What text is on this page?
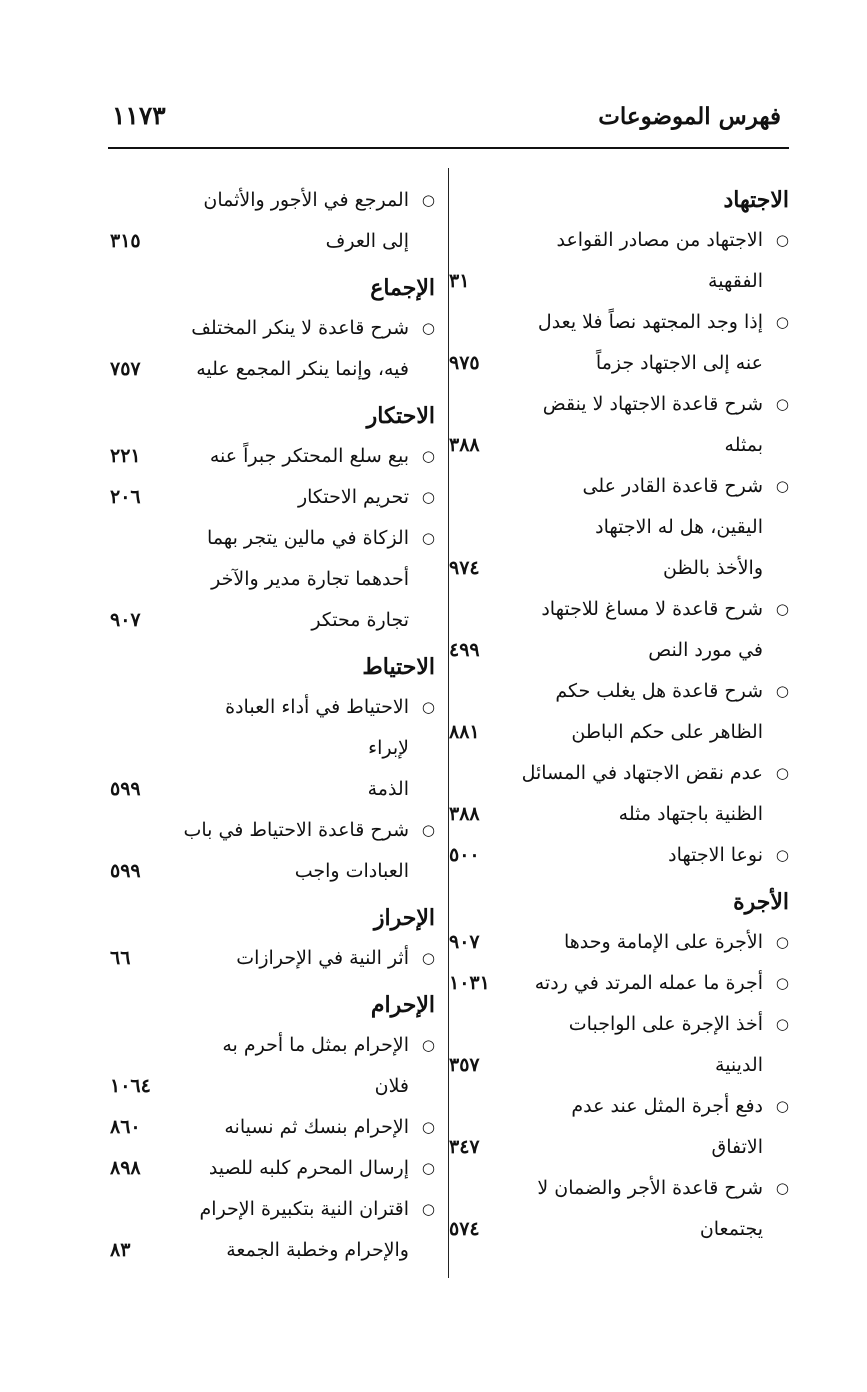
فهرس الموضوعات
١١٧٣
الاجتهاد
○
الاجتهاد من مصادر القواعد
الفقهية
٣١
○
إذا وجد المجتهد نصاً فلا يعدل
عنه إلى الاجتهاد جزماً
٩٧٥
○
شرح قاعدة الاجتهاد لا ينقض
بمثله
٣٨٨
○
شرح قاعدة القادر على
اليقين، هل له الاجتهاد
والأخذ بالظن
٩٧٤
○
شرح قاعدة لا مساغ للاجتهاد
في مورد النص
٤٩٩
○
شرح قاعدة هل يغلب حكم
الظاهر على حكم الباطن
٨٨١
○
عدم نقض الاجتهاد في المسائل
الظنية باجتهاد مثله
٣٨٨
○
نوعا الاجتهاد
٥٠٠
الأجرة
○
الأجرة على الإمامة وحدها
٩٠٧
○
أجرة ما عمله المرتد في ردته
١٠٣١
○
أخذ الإجرة على الواجبات
الدينية
٣٥٧
○
دفع أجرة المثل عند عدم
الاتفاق
٣٤٧
○
شرح قاعدة الأجر والضمان لا
يجتمعان
٥٧٤
○
المرجع في الأجور والأثمان
إلى العرف
٣١٥
الإجماع
○
شرح قاعدة لا ينكر المختلف
فيه، وإنما ينكر المجمع عليه
٧٥٧
الاحتكار
○
بيع سلع المحتكر جبراً عنه
٢٢١
○
تحريم الاحتكار
٢٠٦
○
الزكاة في مالين يتجر بهما
أحدهما تجارة مدير والآخر
تجارة محتكر
٩٠٧
الاحتياط
○
الاحتياط في أداء العبادة لإبراء
الذمة
٥٩٩
○
شرح قاعدة الاحتياط في باب
العبادات واجب
٥٩٩
الإحراز
○
أثر النية في الإحرازات
٦٦
الإحرام
○
الإحرام بمثل ما أحرم به فلان
١٠٦٤
○
الإحرام بنسك ثم نسيانه
٨٦٠
○
إرسال المحرم كلبه للصيد
٨٩٨
○
اقتران النية بتكبيرة الإحرام
والإحرام وخطبة الجمعة
٨٣
